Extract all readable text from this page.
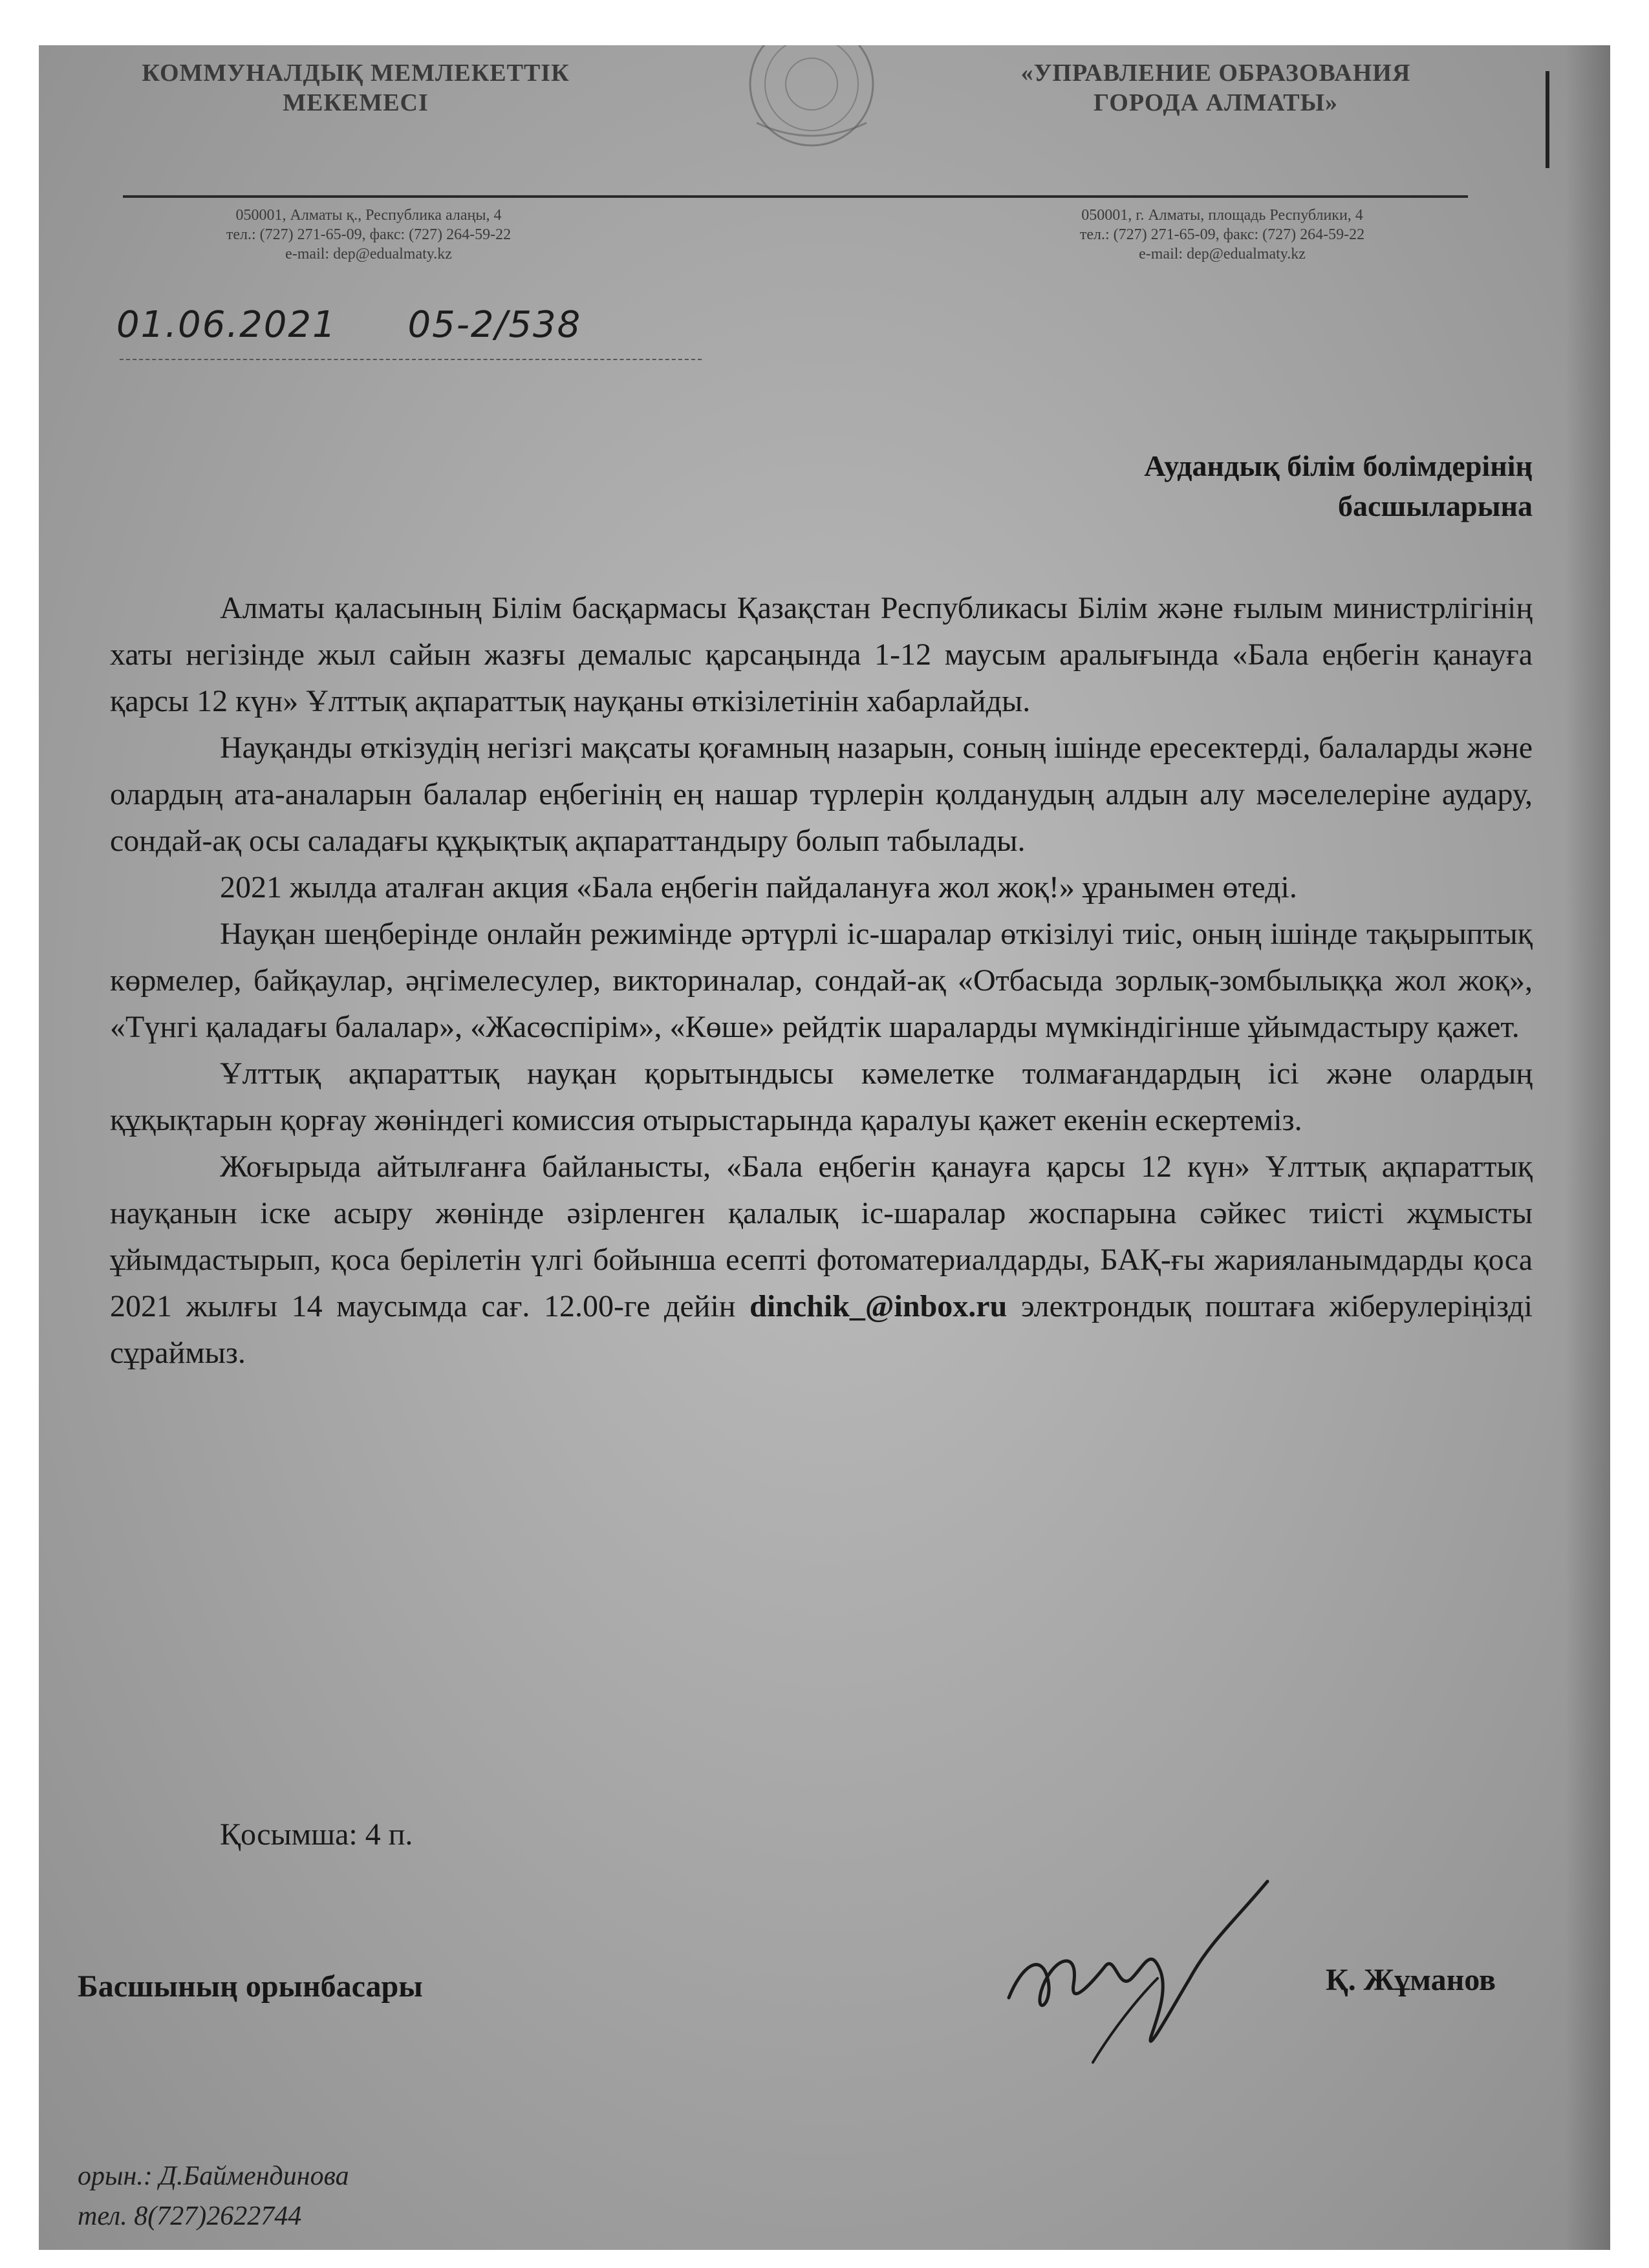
КОММУНАЛДЫҚ МЕМЛЕКЕТТІК
МЕКЕМЕСІ
«УПРАВЛЕНИЕ ОБРАЗОВАНИЯ
ГОРОДА АЛМАТЫ»
050001, Алматы қ., Республика алаңы, 4
тел.: (727) 271-65-09, факс: (727) 264-59-22
e-mail: dep@edualmaty.kz
050001, г. Алматы, площадь Республики, 4
тел.: (727) 271-65-09, факс: (727) 264-59-22
e-mail: dep@edualmaty.kz
01.06.2021 05-2/538
Аудандық білім болімдерінің
басшыларына

Алматы қаласының Білім басқармасы Қазақстан Республикасы Білім және ғылым министрлігінің хаты негізінде жыл сайын жазғы демалыс қарсаңында 1-12 маусым аралығында «Бала еңбегін қанауға қарсы 12 күн» Ұлттық ақпараттық науқаны өткізілетінін хабарлайды.

Науқанды өткізудің негізгі мақсаты қоғамның назарын, соның ішінде ересектерді, балаларды және олардың ата-аналарын балалар еңбегінің ең нашар түрлерін қолданудың алдын алу мәселелеріне аудару, сондай-ақ осы саладағы құқықтық ақпараттандыру болып табылады.

2021 жылда аталған акция «Бала еңбегін пайдалануға жол жоқ!» ұранымен өтеді.

Науқан шеңберінде онлайн режимінде әртүрлі іс-шаралар өткізілуі тиіс, оның ішінде тақырыптық көрмелер, байқаулар, әңгімелесулер, викториналар, сондай-ақ «Отбасыда зорлық-зомбылыққа жол жоқ», «Түнгі қаладағы балалар», «Жасөспірім», «Көше» рейдтік шараларды мүмкіндігінше ұйымдастыру қажет.

Ұлттық ақпараттық науқан қорытындысы кәмелетке толмағандардың ісі және олардың құқықтарын қорғау жөніндегі комиссия отырыстарында қаралуы қажет екенін ескертеміз.

Жоғырыда айтылғанға байланысты, «Бала еңбегін қанауға қарсы 12 күн» Ұлттық ақпараттық науқанын іске асыру жөнінде әзірленген қалалық іс-шаралар жоспарына сәйкес тиісті жұмысты ұйымдастырып, қоса берілетін үлгі бойынша есепті фотоматериалдарды, БАҚ-ғы жарияланымдарды қоса 2021 жылғы 14 маусымда сағ. 12.00-ге дейін dinchik_@inbox.ru электрондық поштаға жіберулеріңізді сұраймыз.

Қосымша: 4 п.
Басшының орынбасары	Қ. Жұманов
орын.: Д.Баймендинова
тел. 8(727)2622744
